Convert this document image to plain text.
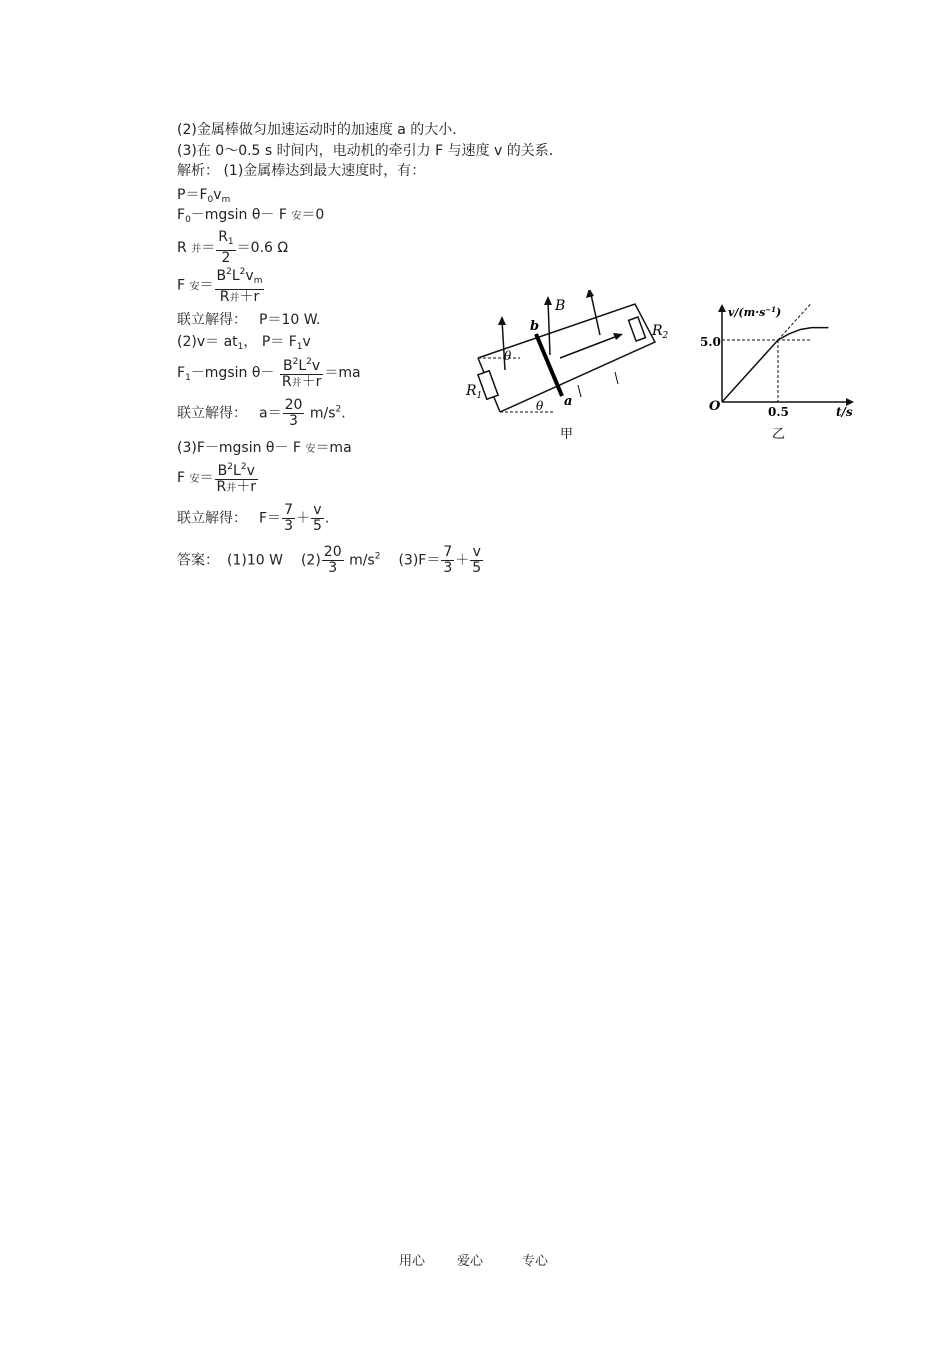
(2)金属棒做匀加速运动时的加速度 a 的大小．
(3)在 0～0.5 s 时间内，电动机的牵引力 F 与速度 v 的关系．
解析： (1)金属棒达到最大速度时，有：
$P=F_0v_m$
$F_0-mgsin$ θ－ F 安＝0
R 并＝ $\frac{R_1}{2} =0.6$ Ω
F 安＝ $\frac{B^2L^2v_m}{\text{R并＋r}}$
联立解得： P＝10 W.
$(2)v= at_1$， $P= F_1v$
$F_1-mgsin$ $\theta- \frac{B^2L^2v}{\text{R并＋r}} =ma$
联立解得： $a= \frac{20}{3} m/s^2$.
(3)F－mgsin θ－ F 安＝ma
F 安＝ $\frac{B^2L^2v}{\text{R并＋r}}$
联立解得： $F= \frac{7}{3} + \frac{v}{5}$ .
答案： (1)10 W $(2) \frac{20}{3} m/s^2$ $(3)F= \frac{7}{3} + \frac{v}{5}$
B
b
a
$R_1$
$R_2$
θ
θ
甲
$v/(m\cdot s^{-1})$
t/s
O
5.0
0.5
乙
用心 爱心	专心
